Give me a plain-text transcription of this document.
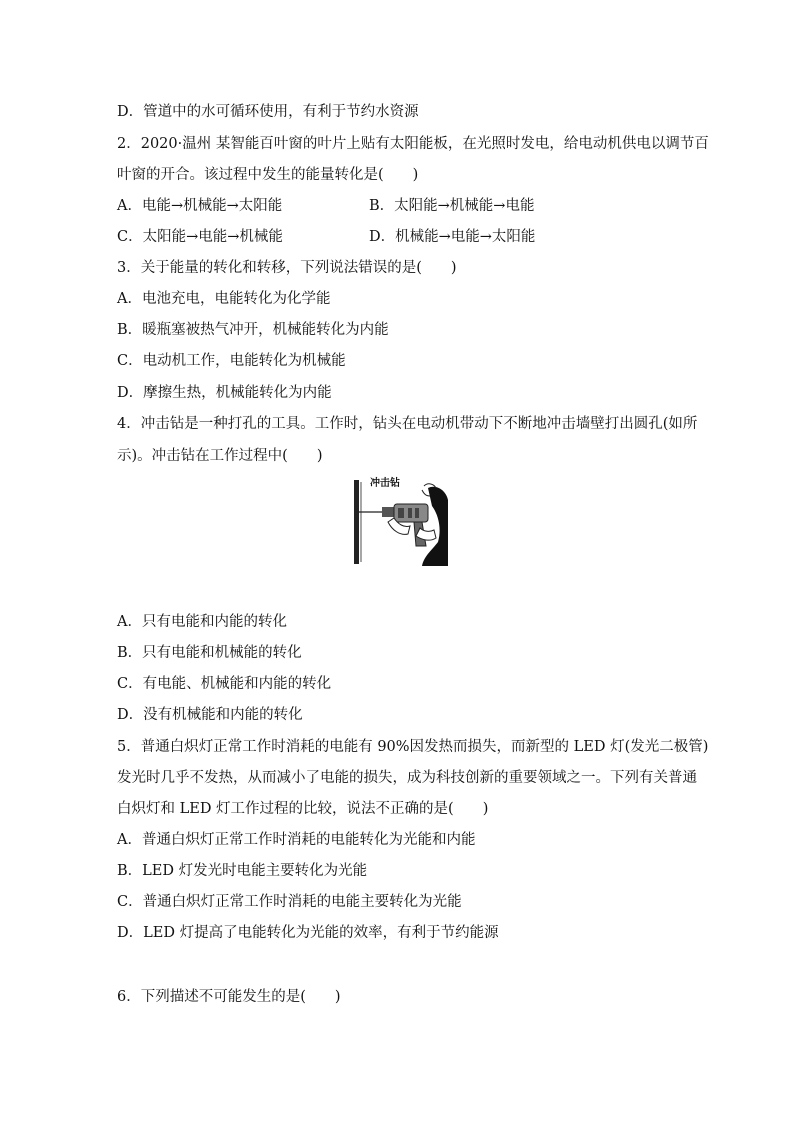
D．管道中的水可循环使用，有利于节约水资源
2．2020·温州 某智能百叶窗的叶片上贴有太阳能板，在光照时发电，给电动机供电以调节百
叶窗的开合。该过程中发生的能量转化是(　　)
A．电能→机械能→太阳能	B．太阳能→机械能→电能
C．太阳能→电能→机械能	D．机械能→电能→太阳能
3．关于能量的转化和转移，下列说法错误的是(　　)
A．电池充电，电能转化为化学能
B．暖瓶塞被热气冲开，机械能转化为内能
C．电动机工作，电能转化为机械能
D．摩擦生热，机械能转化为内能
4．冲击钻是一种打孔的工具。工作时，钻头在电动机带动下不断地冲击墙壁打出圆孔(如所
示)。冲击钻在工作过程中(　　)
冲击钻
A．只有电能和内能的转化
B．只有电能和机械能的转化
C．有电能、机械能和内能的转化
D．没有机械能和内能的转化
5．普通白炽灯正常工作时消耗的电能有 90%因发热而损失，而新型的 LED 灯(发光二极管)
发光时几乎不发热，从而减小了电能的损失，成为科技创新的重要领域之一。下列有关普通
白炽灯和 LED 灯工作过程的比较，说法不正确的是(　　)
A．普通白炽灯正常工作时消耗的电能转化为光能和内能
B．LED 灯发光时电能主要转化为光能
C．普通白炽灯正常工作时消耗的电能主要转化为光能
D．LED 灯提高了电能转化为光能的效率，有利于节约能源
6．下列描述不可能发生的是(　　)
